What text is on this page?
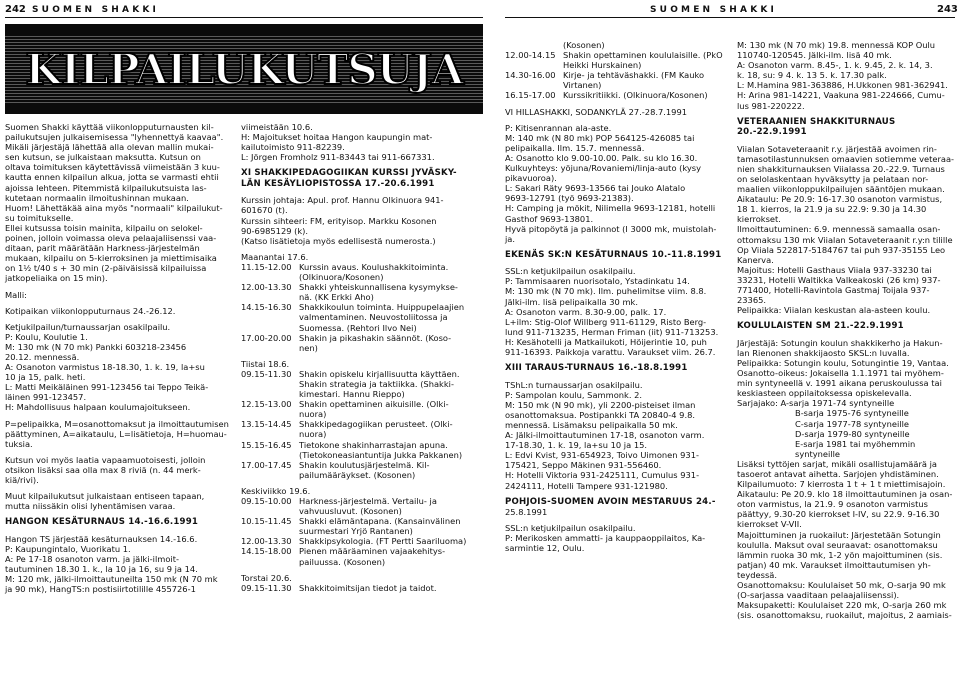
SUOMEN SHAKKI
242	SUOMEN SHAKKI	243
KILPAILUKUTSUJA

Suomen Shakki käyttää viikonlopputurnausten kil-

pailukutsujen julkaisemisessa "lyhennettyä kaavaa".

Mikäli järjestäjä lähettää alla olevan mallin mukai-

sen kutsun, se julkaistaan maksutta. Kutsun on

oltava toimituksen käytettävissä viimeistään 3 kuu-

kautta ennen kilpailun alkua, jotta se varmasti ehtii

ajoissa lehteen. Pitemmistä kilpailukutsuista las-

kutetaan normaalin ilmoitushinnan mukaan.

Huom! Lähettäkää aina myös "normaali" kilpailukut-

su toimitukselle.

Ellei kutsussa toisin mainita, kilpailu on selokel-

poinen, jolloin voimassa oleva pelaajaliisenssi vaa-

ditaan, parit määrätään Harkness-järjestelmän

mukaan, kilpailu on 5-kierroksinen ja miettimisaika

on 1½ t/40 s + 30 min (2-päiväisissä kilpailuissa

jatkopeliaika on 15 min).

Malli:

Kotipaikan viikonlopputurnaus 24.-26.12.

Ketjukilpailun/turnaussarjan osakilpailu.

P: Koulu, Koulutie 1.

M: 130 mk (N 70 mk) Pankki 603218-23456

20.12. mennessä.

A: Osanoton varmistus 18-18.30, 1. k. 19, la+su

10 ja 15, palk. heti.

L: Matti Meikäläinen 991-123456 tai Teppo Teikä-

läinen 991-123457.

H: Mahdollisuus halpaan koulumajoitukseen.

P=pelipaikka, M=osanottomaksut ja ilmoittautumisen

päättyminen, A=aikataulu, L=lisätietoja, H=huomau-

tuksia.

Kutsun voi myös laatia vapaamuotoisesti, jolloin

otsikon lisäksi saa olla max 8 riviä (n. 44 merk-

kiä/rivi).

Muut kilpailukutsut julkaistaan entiseen tapaan,

mutta niissäkin olisi lyhentämisen varaa.

HANGON KESÄTURNAUS 14.-16.6.1991

Hangon TS järjestää kesäturnauksen 14.-16.6.

P: Kaupungintalo, Vuorikatu 1.

A: Pe 17-18 osanoton varm. ja jälki-ilmoit-

tautuminen 18.30 1. k., la 10 ja 16, su 9 ja 14.

M: 120 mk, jälki-ilmoittautuneilta 150 mk (N 70 mk

ja 90 mk), HangTS:n postisiirtotilille 455726-1

viimeistään 10.6.

H: Majoitukset hoitaa Hangon kaupungin mat-

kailutoimisto 911-82239.

L: Jörgen Fromholz 911-83443 tai 911-667331.

XI SHAKKIPEDAGOGIIKAN KURSSI JYVÄSKY-

LÄN KESÄYLIOPISTOSSA 17.-20.6.1991

Kurssin johtaja: Apul. prof. Hannu Olkinuora 941-

601670 (t).

Kurssin sihteeri: FM, erityisop. Markku Kosonen

90-6985129 (k).

(Katso lisätietoja myös edellisestä numerosta.)

Maanantai 17.6.

11.15-12.00 Kurssin avaus. Koulushakkitoiminta.
(Olkinuora/Kosonen)
12.00-13.30 Shakki yhteiskunnallisena kysymykse-
nä. (KK Erkki Aho)
14.15-16.30 Shakkikoulun toiminta. Huippupelaajien
valmentaminen. Neuvostoliitossa ja
Suomessa. (Rehtori Ilvo Nei)
17.00-20.00 Shakin ja pikashakin säännöt. (Koso-
nen)

Tiistai 18.6.

09.15-11.30 Shakin opiskelu kirjallisuutta käyttäen.
Shakin strategia ja taktiikka. (Shakki-
kimestari. Hannu Rieppo)
12.15-13.00 Shakin opettaminen aikuisille. (Olki-
nuora)
13.15-14.45 Shakkipedagogiikan perusteet. (Olki-
nuora)
15.15-16.45 Tietokone shakinharrastajan apuna.
(Tietokoneasiantuntija Jukka Pakkanen)
17.00-17.45 Shakin koulutusjärjestelmä. Kil-
pailumääräykset. (Kosonen)

Keskiviikko 19.6.

09.15-10.00 Harkness-järjestelmä. Vertailu- ja
vahvuusluvut. (Kosonen)
10.15-11.45 Shakki elämäntapana. (Kansainvälinen
suurmestari Yrjö Rantanen)
12.00-13.30 Shakkipsykologia. (FT Pertti Saariluoma)
14.15-18.00 Pienen määräaminen vajaakehitys-
pailuussa. (Kosonen)

Torstai 20.6.

09.15-11.30 Shakkitoimitsijan tiedot ja taidot.
(Kosonen)
12.00-14.15 Shakin opettaminen koululaisille. (PkO
Heikki Hurskainen)
14.30-16.00 Kirje- ja tehtäväshakki. (FM Kauko
Virtanen)
16.15-17.00 Kurssikritiikki. (Olkinuora/Kosonen)

VI HILLASHAKKI, SODANKYLÄ 27.-28.7.1991

P: Kitisenrannan ala-aste.

M: 140 mk (N 80 mk) POP 564125-426085 tai

pelipaikalla. Ilm. 15.7. mennessä.

A: Osanotto klo 9.00-10.00. Palk. su klo 16.30.

Kulkuyhteys: yöjuna/Rovaniemi/linja-auto (kysy

pikavuoroa).

L: Sakari Räty 9693-13566 tai Jouko Alatalo

9693-12791 (työ 9693-21383).

H: Camping ja mökit, Nilimella 9693-12181, hotelli

Gasthof 9693-13801.

Hyvä pitopöytä ja palkinnot (I 3000 mk, muistolah-

ja.

EKENÄS SK:N KESÄTURNAUS 10.-11.8.1991

SSL:n ketjukilpailun osakilpailu.

P: Tammisaaren nuorisotalo, Ystadinkatu 14.

M: 130 mk (N 70 mk). Ilm. puhelimitse viim. 8.8.

Jälki-ilm. lisä pelipaikalla 30 mk.

A: Osanoton varm. 8.30-9.00, palk. 17.

L+ilm: Stig-Olof Willberg 911-61129, Risto Berg-

lund 911-713235, Herman Friman (iit) 911-713253.

H: Kesähotelli ja Matkailukoti, Höijerintie 10, puh

911-16393. Paikkoja varattu. Varaukset viim. 26.7.

XIII TARAUS-TURNAUS 16.-18.8.1991

TShL:n turnaussarjan osakilpailu.

P: Sampolan koulu, Sammonk. 2.

M: 150 mk (N 90 mk), yli 2200-pisteiset ilman

osanottomaksua. Postipankki TA 20840-4 9.8.

mennessä. Lisämaksu pelipaikalla 50 mk.

A: Jälki-ilmoittautuminen 17-18, osanoton varm.

17-18.30, 1. k. 19, la+su 10 ja 15.

L: Edvi Kvist, 931-654923, Toivo Uimonen 931-

175421, Seppo Mäkinen 931-556460.

H: Hotelli Viktoria 931-2425111, Cumulus 931-

2424111, Hotelli Tampere 931-121980.

POHJOIS-SUOMEN AVOIN MESTARUUS 24.-

25.8.1991

SSL:n ketjukilpailun osakilpailu.

P: Merikosken ammatti- ja kauppaoppilaitos, Ka-

sarmintie 12, Oulu.

M: 130 mk (N 70 mk) 19.8. mennessä KOP Oulu

110740-120545. Jälki-ilm. lisä 40 mk.

A: Osanoton varm. 8.45-, 1. k. 9.45, 2. k. 14, 3.

k. 18, su: 9 4. k. 13 5. k. 17.30 palk.

L: M.Hamina 981-363886, H.Ukkonen 981-362941.

H: Arina 981-14221, Vaakuna 981-224666, Cumu-

lus 981-220222.

VETERAANIEN SHAKKITURNAUS 20.-22.9.1991

Viialan Sotaveteraanit r.y. järjestää avoimen rin-

tamasotilastunnuksen omaavien sotiemme veteraa-

nien shakkiturnauksen Viialassa 20.-22.9. Turnaus

on selolaskentaan hyväksytty ja pelataan nor-

maalien viikonloppukilpailujen sääntöjen mukaan.

Aikataulu: Pe 20.9: 16-17.30 osanoton varmistus,

18 1. kierros, la 21.9 ja su 22.9: 9.30 ja 14.30

kierrokset.

Ilmoittautuminen: 6.9. mennessä samaalla osan-

ottomaksu 130 mk Viialan Sotaveteraanit r.y:n tilille

Op Viiala 522817-5184767 tai puh 937-35155 Leo

Kanerva.

Majoitus: Hotelli Gasthaus Viiala 937-33230 tai

33231, Hotelli Waltikka Valkeakoski (26 km) 937-

771400, Hotelli-Ravintola Gastmaj Toijala 937-

23365.

Pelipaikka: Viialan keskustan ala-asteen koulu.

KOULULAISTEN SM 21.-22.9.1991

Järjestäjä: Sotungin koulun shakkikerho ja Hakun-

lan Rienonen shakkijaosto SKSL:n luvalla.

Pelipaikka: Sotungin koulu, Sotungintie 19, Vantaa.

Osanotto-oikeus: Jokaisella 1.1.1971 tai myöhem-

min syntyneellä v. 1991 aikana peruskoulussa tai

keskiasteen oppilaitoksessa opiskelevalla.

Sarjajako: A-sarja 1971-74 syntyneille

B-sarja 1975-76 syntyneille
C-sarja 1977-78 syntyneille
D-sarja 1979-80 syntyneille
E-sarja 1981 tai myöhemmin syntyneille

Lisäksi tyttöjen sarjat, mikäli osallistujamäärä ja

tasoerot antavat aihetta. Sarjojen yhdistäminen.

Kilpailumuoto: 7 kierrosta 1 t + 1 t miettimisajoin.

Aikataulu: Pe 20.9. klo 18 ilmoittautuminen ja osan-

oton varmistus, la 21.9. 9 osanoton varmistus

päättyy, 9.30-20 kierrokset I-IV, su 22.9. 9-16.30

kierrokset V-VII.

Majoittuminen ja ruokailut: Järjestetään Sotungin

koululla. Maksut oval seuraavat: osanottomaksu

lämmin ruoka 30 mk, 1-2 yön majoittuminen (sis.

patjan) 40 mk. Varaukset ilmoittautumisen yh-

teydessä.

Osanottomaksu: Koululaiset 50 mk, O-sarja 90 mk

(O-sarjassa vaaditaan pelaajaliisenssi).

Maksupaketti: Koululaiset 220 mk, O-sarja 260 mk

(sis. osanottomaksu, ruokailut, majoitus, 2 aamiais-
